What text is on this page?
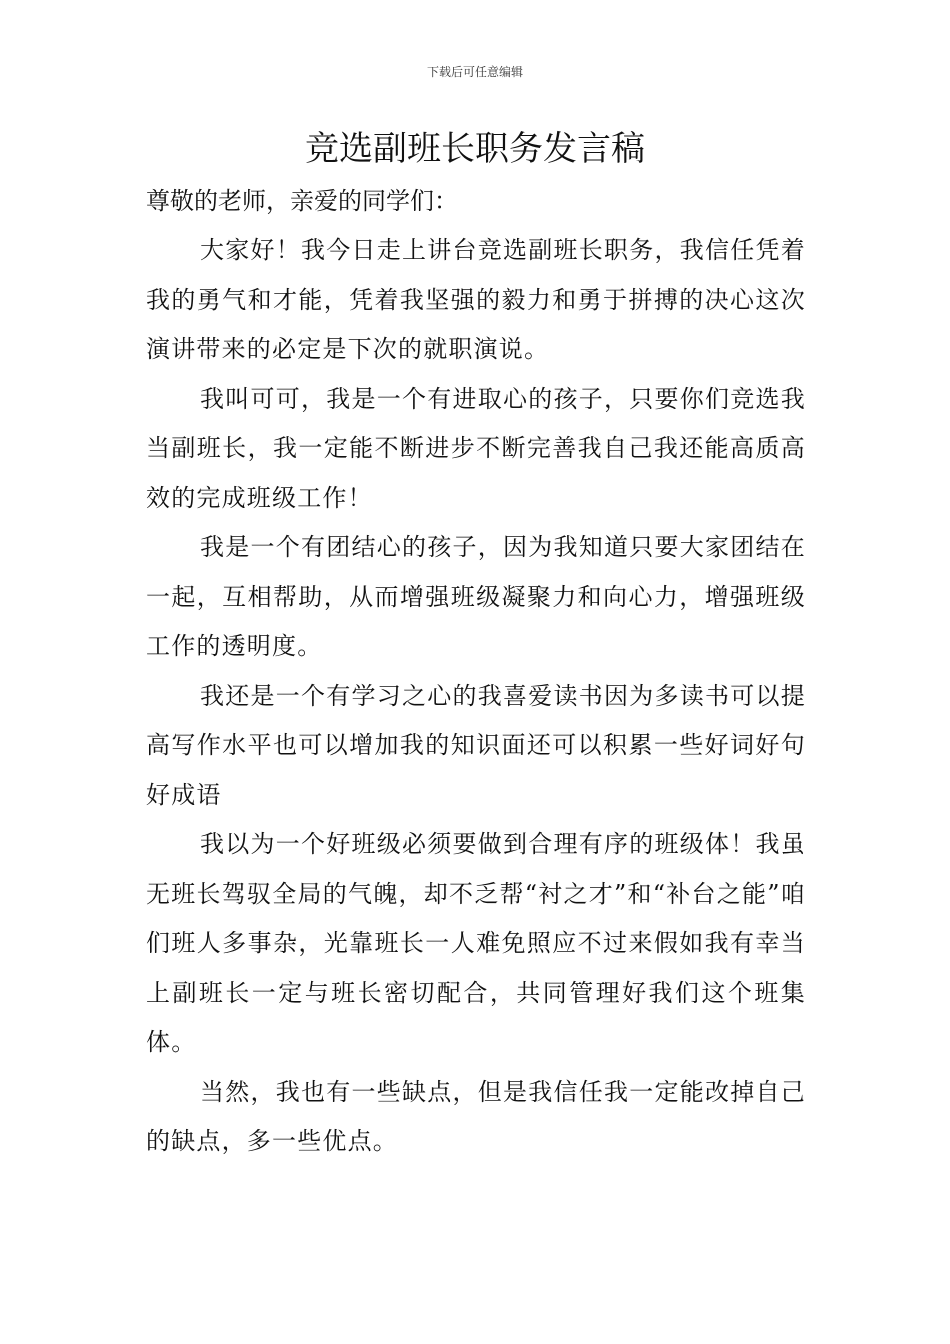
下载后可任意编辑
竞选副班长职务发言稿

尊敬的老师，亲爱的同学们：

大家好！我今日走上讲台竞选副班长职务，我信任凭着我的勇气和才能，凭着我坚强的毅力和勇于拼搏的决心这次演讲带来的必定是下次的就职演说。

我叫可可，我是一个有进取心的孩子，只要你们竞选我当副班长，我一定能不断进步不断完善我自己我还能高质高效的完成班级工作！

我是一个有团结心的孩子，因为我知道只要大家团结在一起，互相帮助，从而增强班级凝聚力和向心力，增强班级工作的透明度。

我还是一个有学习之心的我喜爱读书因为多读书可以提高写作水平也可以增加我的知识面还可以积累一些好词好句好成语

我以为一个好班级必须要做到合理有序的班级体！我虽无班长驾驭全局的气魄，却不乏帮“衬之才”和“补台之能”咱们班人多事杂，光靠班长一人难免照应不过来假如我有幸当上副班长一定与班长密切配合，共同管理好我们这个班集体。

当然，我也有一些缺点，但是我信任我一定能改掉自己的缺点，多一些优点。
